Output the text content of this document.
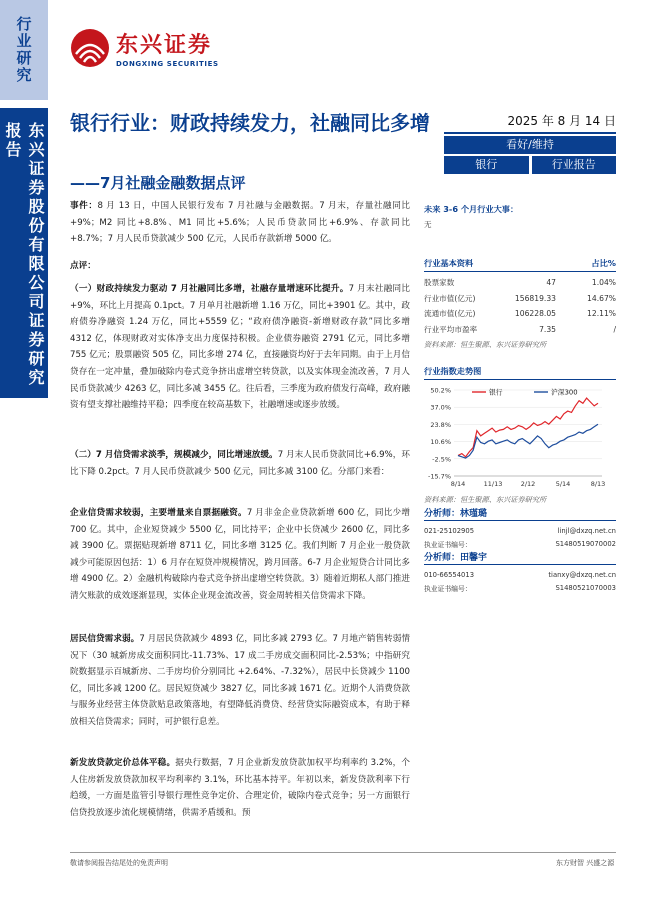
行业研究
东兴证券股份有限公司证券研究报告
东兴证券
DONGXING SECURITIES
银行行业：财政持续发力，社融同比多增
——7月社融金融数据点评
2025 年 8 月 14 日
看好/维持
银行	行业报告
事件：8 月 13 日，中国人民银行发布 7 月社融与金融数据。7 月末，存量社融同比+9%；M2 同比+8.8%、M1 同比+5.6%；人民币贷款同比+6.9%、存款同比+8.7%；7 月人民币贷款减少 500 亿元，人民币存款新增 5000 亿。
点评：
（一）财政持续发力驱动 7 月社融同比多增，社融存量增速环比提升。7 月末社融同比+9%，环比上月提高 0.1pct。7 月单月社融新增 1.16 万亿，同比+3901 亿。其中，政府债券净融资 1.24 万亿，同比+5559 亿；“政府债净融资-新增财政存款”同比多增 4312 亿，体现财政对实体净支出力度保持积极。企业债券融资 2791 亿元，同比多增 755 亿元；股票融资 505 亿，同比多增 274 亿，直接融资均好于去年同期。由于上月信贷存在一定冲量，叠加破除内卷式竞争挤出虚增空转贷款，以及实体现金流改善，7 月人民币贷款减少 4263 亿，同比多减 3455 亿。往后看，三季度为政府债发行高峰，政府融资有望支撑社融维持平稳；四季度在较高基数下，社融增速或逐步放缓。
（二）7 月信贷需求淡季，规模减少，同比增速放缓。7 月末人民币贷款同比+6.9%，环比下降 0.2pct。7 月人民币贷款减少 500 亿元，同比多减 3100 亿。分部门来看：
企业信贷需求较弱，主要增量来自票据融资。7 月非金企业贷款新增 600 亿，同比少增 700 亿。其中，企业短贷减少 5500 亿，同比持平；企业中长贷减少 2600 亿，同比多减 3900 亿。票据贴现新增 8711 亿，同比多增 3125 亿。我们判断 7 月企业一般贷款减少可能原因包括：1）6 月存在短贷冲规模情况，跨月回落。6-7 月企业短贷合计同比多增 4900 亿。2）金融机构破除内卷式竞争挤出虚增空转贷款。3）随着近期私人部门推进清欠账款的成效逐渐显现，实体企业现金流改善，资金周转相关信贷需求下降。
居民信贷需求弱。7 月居民贷款减少 4893 亿，同比多减 2793 亿。7 月地产销售转弱情况下（30 城新房成交面积同比-11.73%、17 成二手房成交面积同比-2.53%；中指研究院数据显示百城新房、二手房均价分别同比 +2.64%、-7.32%），居民中长贷减少 1100 亿，同比多减 1200 亿。居民短贷减少 3827 亿，同比多减 1671 亿。近期个人消费贷款与服务业经营主体贷款贴息政策落地，有望降低消费贷、经营贷实际融资成本，有助于释放相关信贷需求；同时，可护银行息差。
新发放贷款定价总体平稳。据央行数据，7 月企业新发放贷款加权平均利率约 3.2%，个人住房新发放贷款加权平均利率约 3.1%，环比基本持平。年初以来，新发贷款利率下行趋缓，一方面是监管引导银行理性竞争定价、合理定价，破除内卷式竞争；另一方面银行信贷投放逐步流化规模情绪，供需矛盾缓和。预
未来 3-6 个月行业大事：
无
行业基本资料	占比%
股票家数	47	1.04%
行业市值(亿元)	156819.33	14.67%
流通市值(亿元)	106228.05	12.11%
行业平均市盈率	7.35	/
资料来源：恒生聚源、东兴证券研究所
行业指数走势图
50.2%
37.0%
23.8%
10.6%
-2.5%
-15.7%
8/14	11/13	2/12	5/14	8/13
银行	沪深300
资料来源：恒生聚源、东兴证券研究所
分析师：林瑾璐
021-25102905	linjl@dxzq.net.cn
执业证书编号：	S1480519070002
分析师：田馨宇
010-66554013	tianxy@dxzq.net.cn
执业证书编号：	S1480521070003
敬请参阅报告结尾处的免责声明	东方财智 兴盛之源
